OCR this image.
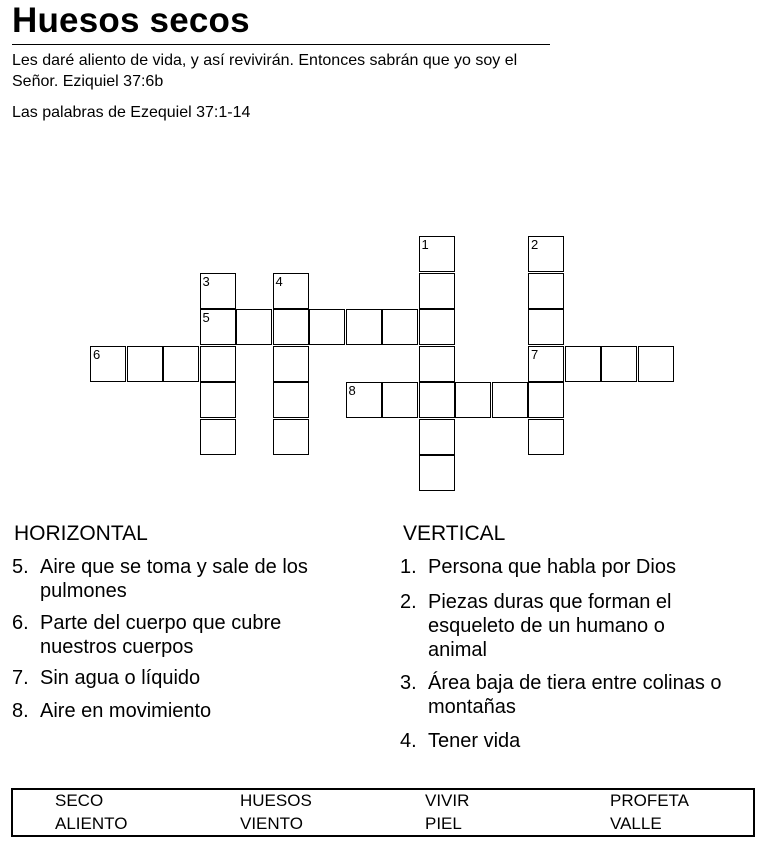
Huesos secos
Les daré aliento de vida, y así revivirán. Entonces sabrán que yo soy el Señor. Eziquiel 37:6b
Las palabras de Ezequiel 37:1-14
5
6	7
8
1	2
3	4
HORIZONTAL	VERTICAL
5. Aire que se toma y sale de los pulmones
6. Parte del cuerpo que cubre nuestros cuerpos
7. Sin agua o líquido
8. Aire en movimiento
1. Persona que habla por Dios
2. Piezas duras que forman el esqueleto de un humano o animal
3. Área baja de tiera entre colinas o montañas
4. Tener vida
SECO	HUESOS	VIVIR	PROFETA
ALIENTO	VIENTO	PIEL	VALLE
